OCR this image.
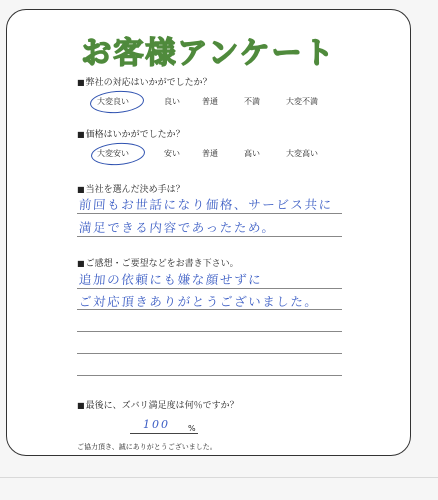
お客様アンケート
■弊社の対応はいかがでしたか？
大変良い	良い	普通	不満	大変不満
■価格はいかがでしたか？
大変安い	安い	普通	高い	大変高い
■当社を選んだ決め手は？
前回もお世話になり価格、サービス共に
満足できる内容であったため。
■ご感想・ご要望などをお書き下さい。
追加の依頼にも嫌な顔せずに
ご対応頂きありがとうございました。
■最後に、ズバリ満足度は何％ですか？
100 %
ご協力頂き、誠にありがとうございました。
